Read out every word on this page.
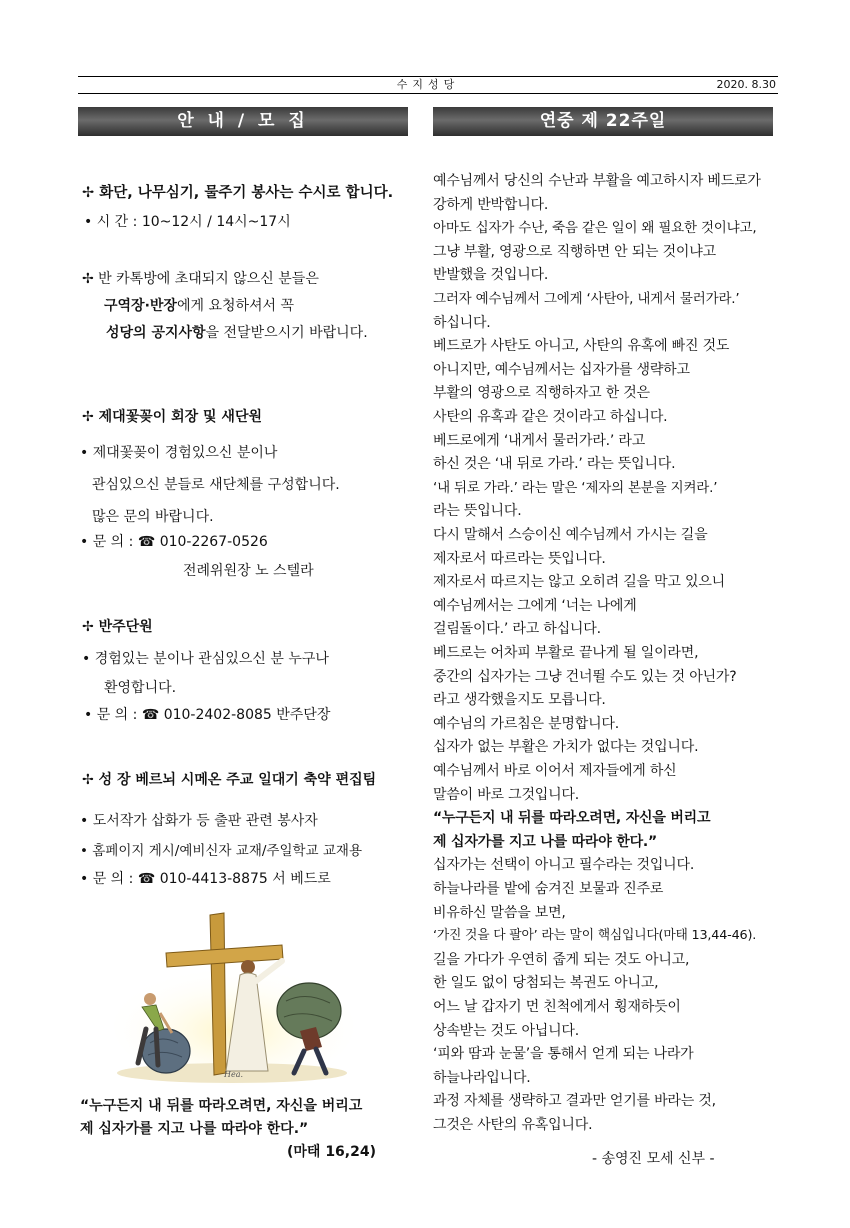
수지성당	2020. 8.30
안 내 / 모 집	연중 제 22주일
✢ 화단, 나무심기, 물주기 봉사는 수시로 합니다.
• 시 간 : 10~12시 / 14시~17시
✢ 반 카톡방에 초대되지 않으신 분들은
구역장·반장에게 요청하셔서 꼭
성당의 공지사항을 전달받으시기 바랍니다.
✢ 제대꽃꽂이 회장 및 새단원
• 제대꽃꽂이 경험있으신 분이나
관심있으신 분들로 새단체를 구성합니다.
많은 문의 바랍니다.
• 문 의 : ☎ 010-2267-0526
전례위원장 노 스텔라
✢ 반주단원
• 경험있는 분이나 관심있으신 분 누구나
환영합니다.
• 문 의 : ☎ 010-2402-8085 반주단장
✢ 성 장 베르뇌 시메온 주교 일대기 축약 편집팀
• 도서작가 삽화가 등 출판 관련 봉사자
• 홈페이지 게시/예비신자 교재/주일학교 교재용
• 문 의 : ☎ 010-4413-8875 서 베드로
Hea.
“누구든지 내 뒤를 따라오려면, 자신을 버리고
제 십자가를 지고 나를 따라야 한다.”
(마태 16,24)
예수님께서 당신의 수난과 부활을 예고하시자 베드로가
강하게 반박합니다.
아마도 십자가 수난, 죽음 같은 일이 왜 필요한 것이냐고,
그냥 부활, 영광으로 직행하면 안 되는 것이냐고
반발했을 것입니다.
그러자 예수님께서 그에게 ‘사탄아, 내게서 물러가라.’
하십니다.
베드로가 사탄도 아니고, 사탄의 유혹에 빠진 것도
아니지만, 예수님께서는 십자가를 생략하고
부활의 영광으로 직행하자고 한 것은
사탄의 유혹과 같은 것이라고 하십니다.
베드로에게 ‘내게서 물러가라.’ 라고
하신 것은 ‘내 뒤로 가라.’ 라는 뜻입니다.
‘내 뒤로 가라.’ 라는 말은 ‘제자의 본분을 지켜라.’
라는 뜻입니다.
다시 말해서 스승이신 예수님께서 가시는 길을
제자로서 따르라는 뜻입니다.
제자로서 따르지는 않고 오히려 길을 막고 있으니
예수님께서는 그에게 ‘너는 나에게
걸림돌이다.’ 라고 하십니다.
베드로는 어차피 부활로 끝나게 될 일이라면,
중간의 십자가는 그냥 건너뛸 수도 있는 것 아닌가?
라고 생각했을지도 모릅니다.
예수님의 가르침은 분명합니다.
십자가 없는 부활은 가치가 없다는 것입니다.
예수님께서 바로 이어서 제자들에게 하신
말씀이 바로 그것입니다.
“누구든지 내 뒤를 따라오려면, 자신을 버리고
제 십자가를 지고 나를 따라야 한다.”
십자가는 선택이 아니고 필수라는 것입니다.
하늘나라를 밭에 숨겨진 보물과 진주로
비유하신 말씀을 보면,
‘가진 것을 다 팔아’ 라는 말이 핵심입니다(마태 13,44-46).
길을 가다가 우연히 줍게 되는 것도 아니고,
한 일도 없이 당첨되는 복권도 아니고,
어느 날 갑자기 먼 친척에게서 횡재하듯이
상속받는 것도 아닙니다.
‘피와 땀과 눈물’을 통해서 얻게 되는 나라가
하늘나라입니다.
과정 자체를 생략하고 결과만 얻기를 바라는 것,
그것은 사탄의 유혹입니다.
- 송영진 모세 신부 -
